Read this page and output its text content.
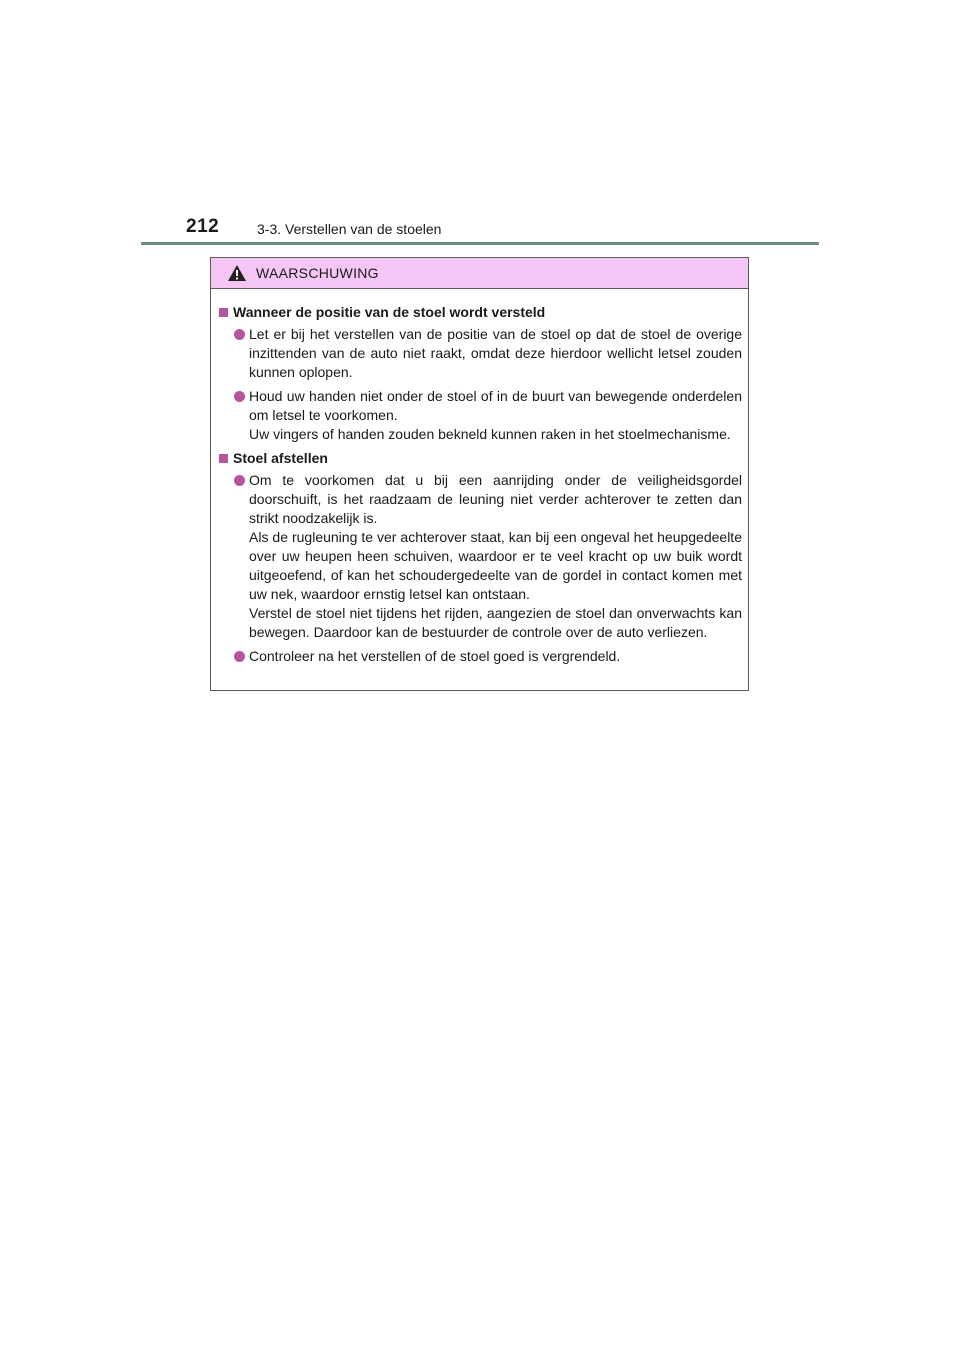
212	3-3. Verstellen van de stoelen
WAARSCHUWING
Wanneer de positie van de stoel wordt versteld
Let er bij het verstellen van de positie van de stoel op dat de stoel de overige inzittenden van de auto niet raakt, omdat deze hierdoor wellicht letsel zouden kunnen oplopen.
Houd uw handen niet onder de stoel of in de buurt van bewegende onderdelen om letsel te voorkomen.
Uw vingers of handen zouden bekneld kunnen raken in het stoelmechanisme.
Stoel afstellen
Om te voorkomen dat u bij een aanrijding onder de veiligheidsgordel doorschuift, is het raadzaam de leuning niet verder achterover te zetten dan strikt noodzakelijk is.
Als de rugleuning te ver achterover staat, kan bij een ongeval het heupgedeelte over uw heupen heen schuiven, waardoor er te veel kracht op uw buik wordt uitgeoefend, of kan het schoudergedeelte van de gordel in contact komen met uw nek, waardoor ernstig letsel kan ontstaan.
Verstel de stoel niet tijdens het rijden, aangezien de stoel dan onverwachts kan bewegen. Daardoor kan de bestuurder de controle over de auto verliezen.
Controleer na het verstellen of de stoel goed is vergrendeld.
